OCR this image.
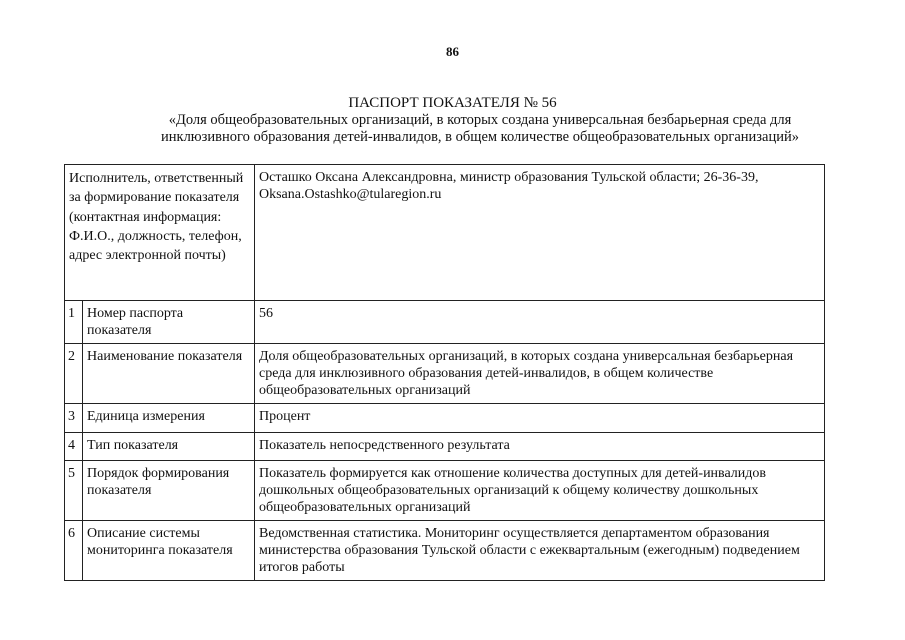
86
ПАСПОРТ ПОКАЗАТЕЛЯ № 56
«Доля общеобразовательных организаций, в которых создана универсальная безбарьерная среда для инклюзивного образования детей-инвалидов, в общем количестве общеобразовательных организаций»
Исполнитель, ответственный за формирование показателя (контактная информация: Ф.И.О., должность, телефон, адрес электронной почты)		Осташко Оксана Александровна, министр образования Тульской области; 26-36-39,
Oksana.Ostashko@tularegion.ru

1	Номер паспорта показателя	56
2	Наименование показателя	Доля общеобразовательных организаций, в которых создана универсальная безбарьерная среда для инклюзивного образования детей-инвалидов, в общем количестве общеобразовательных организаций
3	Единица измерения	Процент
4	Тип показателя	Показатель непосредственного результата
5	Порядок формирования показателя	Показатель формируется как отношение количества доступных для детей-инвалидов дошкольных общеобразовательных организаций к общему количеству дошкольных общеобразовательных организаций
6	Описание системы мониторинга показателя	Ведомственная статистика. Мониторинг осуществляется департаментом образования министерства образования Тульской области с ежеквартальным (ежегодным) подведением итогов работы
